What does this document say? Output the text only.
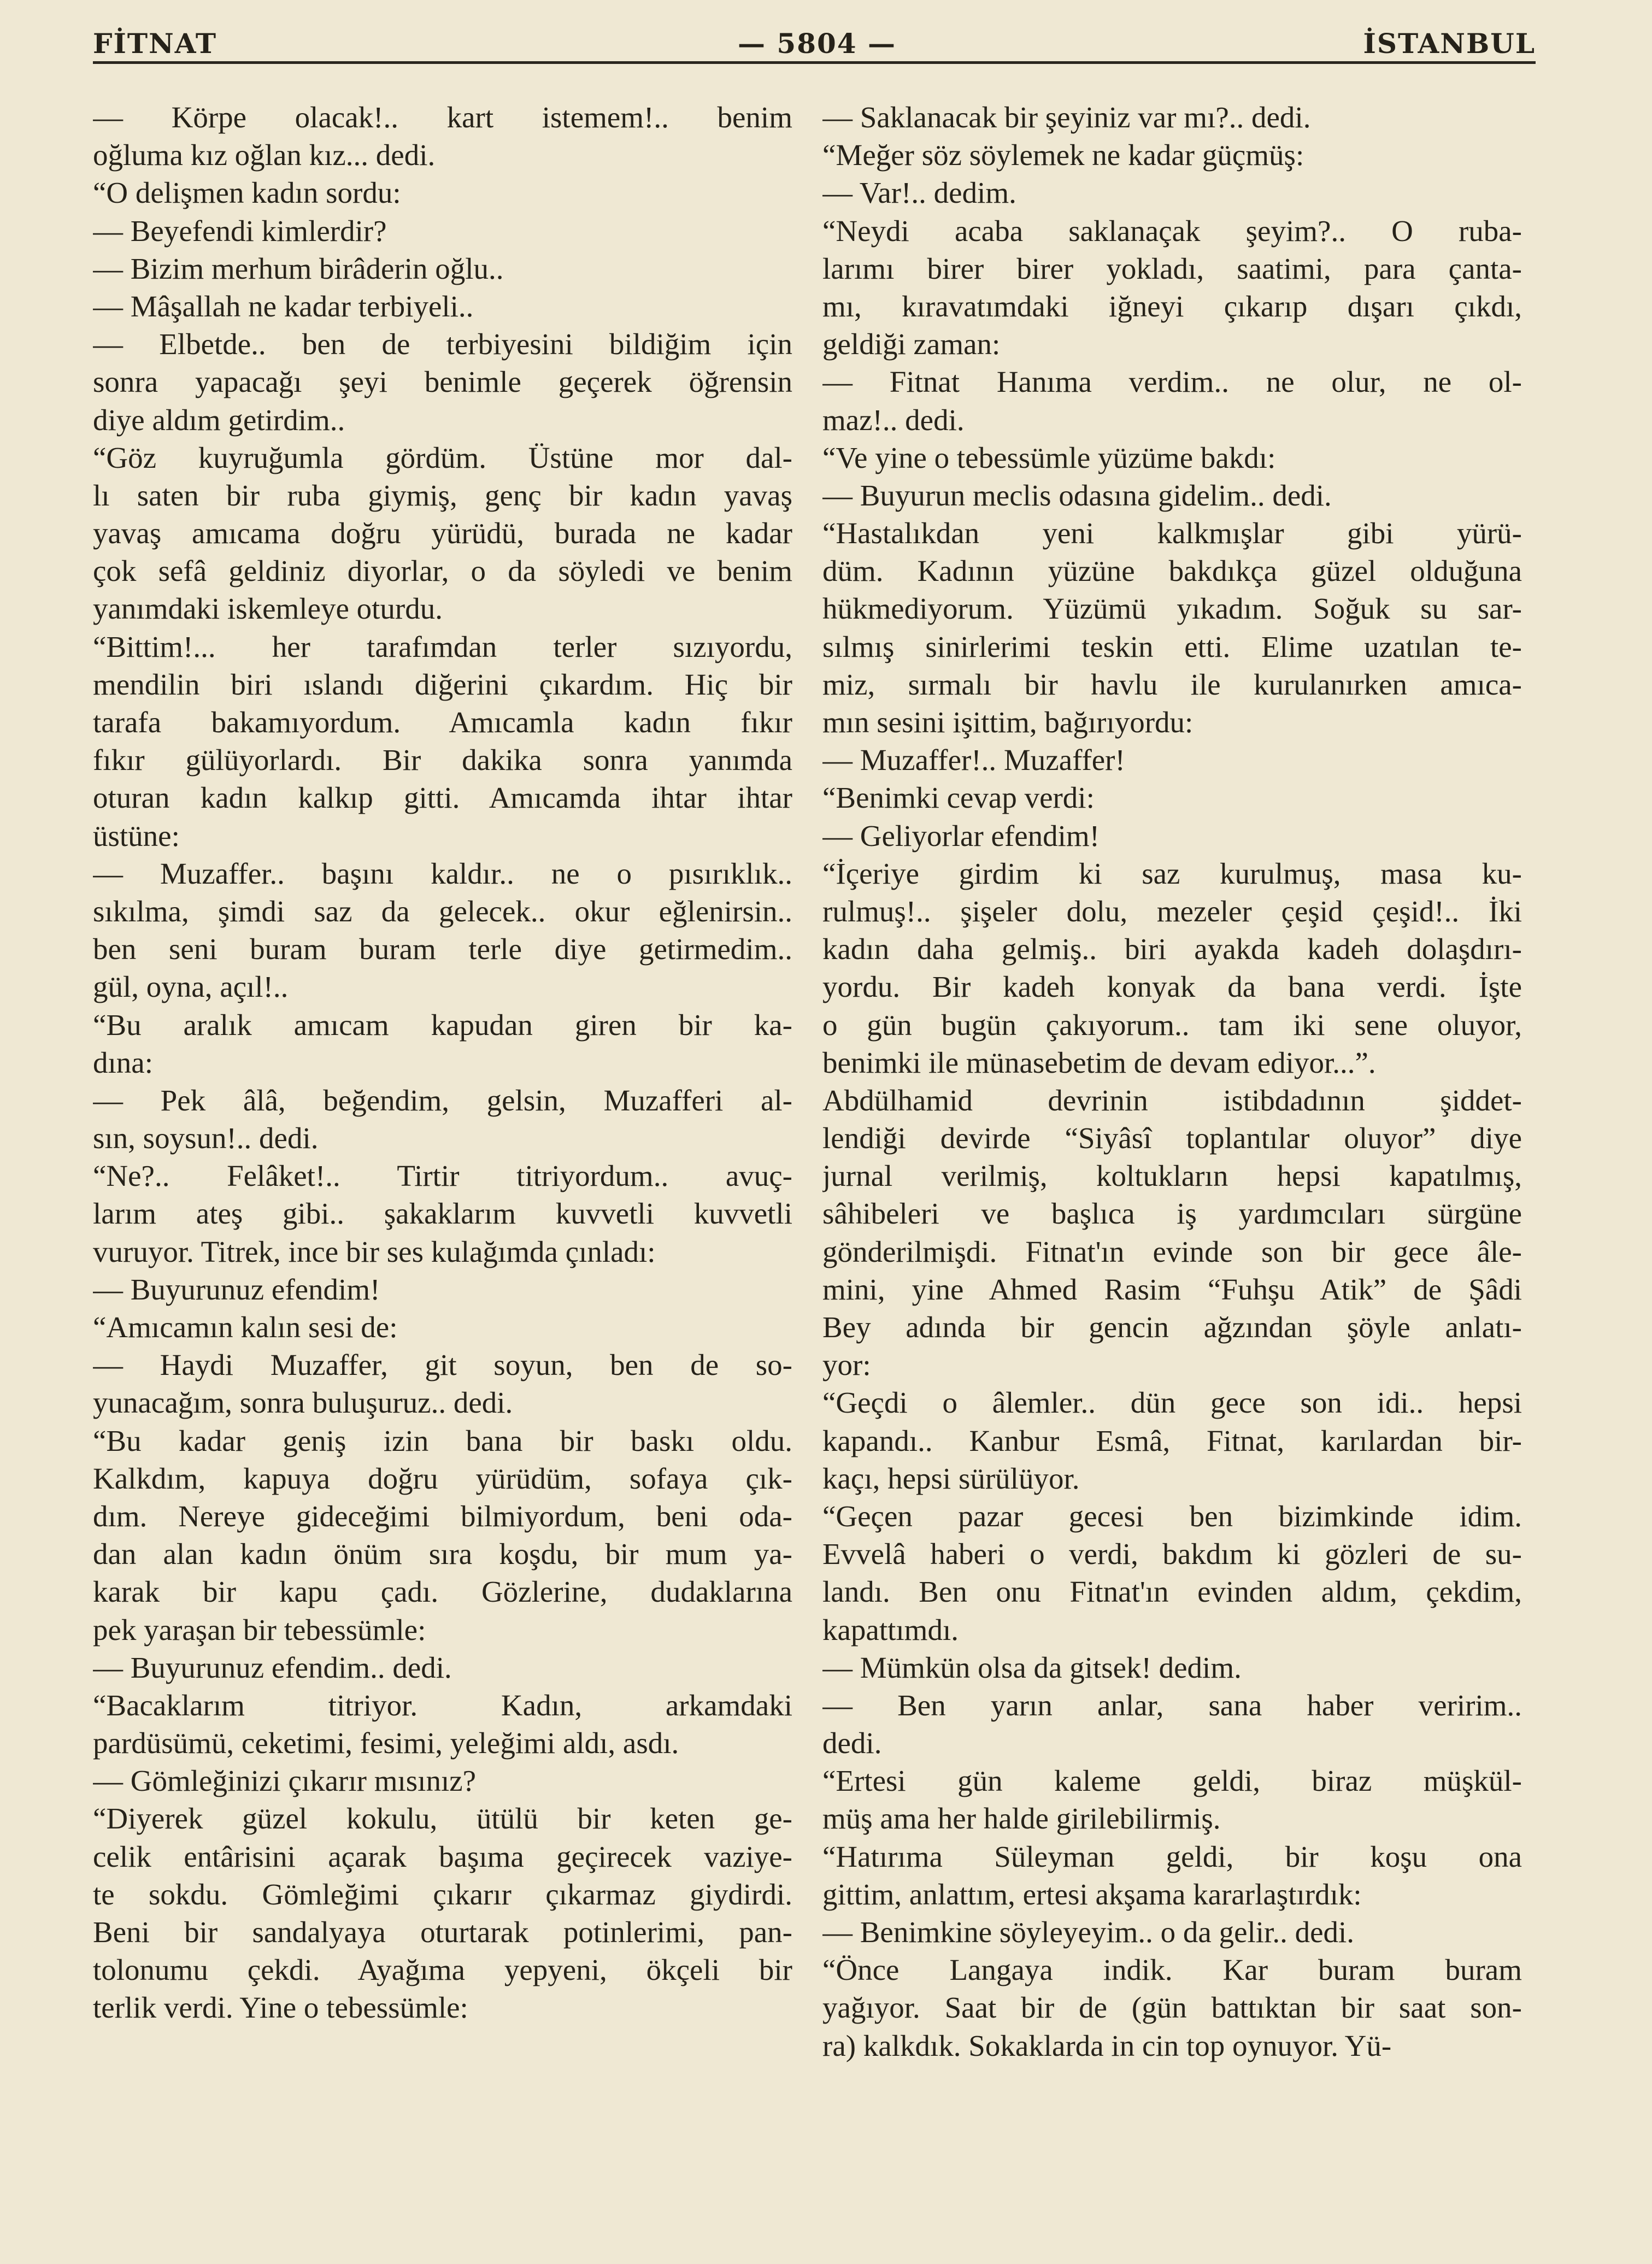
FİTNAT	— 5804 —	İSTANBUL
— Körpe olacak!.. kart istemem!.. benim
oğluma kız oğlan kız... dedi.
“O delişmen kadın sordu:
— Beyefendi kimlerdir?
— Bizim merhum birâderin oğlu..
— Mâşallah ne kadar terbiyeli..
— Elbetde.. ben de terbiyesini bildiğim için
sonra yapacağı şeyi benimle geçerek öğrensin
diye aldım getirdim..
“Göz kuyruğumla gördüm. Üstüne mor dal-
lı saten bir ruba giymiş, genç bir kadın yavaş
yavaş amıcama doğru yürüdü, burada ne kadar
çok sefâ geldiniz diyorlar, o da söyledi ve benim
yanımdaki iskemleye oturdu.
“Bittim!... her tarafımdan terler sızıyordu,
mendilin biri ıslandı diğerini çıkardım. Hiç bir
tarafa bakamıyordum. Amıcamla kadın fıkır
fıkır gülüyorlardı. Bir dakika sonra yanımda
oturan kadın kalkıp gitti. Amıcamda ihtar ihtar
üstüne:
— Muzaffer.. başını kaldır.. ne o pısırıklık..
sıkılma, şimdi saz da gelecek.. okur eğlenirsin..
ben seni buram buram terle diye getirmedim..
gül, oyna, açıl!..
“Bu aralık amıcam kapudan giren bir ka-
dına:
— Pek âlâ, beğendim, gelsin, Muzafferi al-
sın, soysun!.. dedi.
“Ne?.. Felâket!.. Tirtir titriyordum.. avuç-
larım ateş gibi.. şakaklarım kuvvetli kuvvetli
vuruyor. Titrek, ince bir ses kulağımda çınladı:
— Buyurunuz efendim!
“Amıcamın kalın sesi de:
— Haydi Muzaffer, git soyun, ben de so-
yunacağım, sonra buluşuruz.. dedi.
“Bu kadar geniş izin bana bir baskı oldu.
Kalkdım, kapuya doğru yürüdüm, sofaya çık-
dım. Nereye gideceğimi bilmiyordum, beni oda-
dan alan kadın önüm sıra koşdu, bir mum ya-
karak bir kapu çadı. Gözlerine, dudaklarına
pek yaraşan bir tebessümle:
— Buyurunuz efendim.. dedi.
“Bacaklarım titriyor. Kadın, arkamdaki
pardüsümü, ceketimi, fesimi, yeleğimi aldı, asdı.
— Gömleğinizi çıkarır mısınız?
“Diyerek güzel kokulu, ütülü bir keten ge-
celik entârisini açarak başıma geçirecek vaziye-
te sokdu. Gömleğimi çıkarır çıkarmaz giydirdi.
Beni bir sandalyaya oturtarak potinlerimi, pan-
tolonumu çekdi. Ayağıma yepyeni, ökçeli bir
terlik verdi. Yine o tebessümle:
— Saklanacak bir şeyiniz var mı?.. dedi.
“Meğer söz söylemek ne kadar güçmüş:
— Var!.. dedim.
“Neydi acaba saklanaçak şeyim?.. O ruba-
larımı birer birer yokladı, saatimi, para çanta-
mı, kıravatımdaki iğneyi çıkarıp dışarı çıkdı,
geldiği zaman:
— Fitnat Hanıma verdim.. ne olur, ne ol-
maz!.. dedi.
“Ve yine o tebessümle yüzüme bakdı:
— Buyurun meclis odasına gidelim.. dedi.
“Hastalıkdan yeni kalkmışlar gibi yürü-
düm. Kadının yüzüne bakdıkça güzel olduğuna
hükmediyorum. Yüzümü yıkadım. Soğuk su sar-
sılmış sinirlerimi teskin etti. Elime uzatılan te-
miz, sırmalı bir havlu ile kurulanırken amıca-
mın sesini işittim, bağırıyordu:
— Muzaffer!.. Muzaffer!
“Benimki cevap verdi:
— Geliyorlar efendim!
“İçeriye girdim ki saz kurulmuş, masa ku-
rulmuş!.. şişeler dolu, mezeler çeşid çeşid!.. İki
kadın daha gelmiş.. biri ayakda kadeh dolaşdırı-
yordu. Bir kadeh konyak da bana verdi. İşte
o gün bugün çakıyorum.. tam iki sene oluyor,
benimki ile münasebetim de devam ediyor...”.
Abdülhamid devrinin istibdadının şiddet-
lendiği devirde “Siyâsî toplantılar oluyor” diye
jurnal verilmiş, koltukların hepsi kapatılmış,
sâhibeleri ve başlıca iş yardımcıları sürgüne
gönderilmişdi. Fitnat'ın evinde son bir gece âle-
mini, yine Ahmed Rasim “Fuhşu Atik” de Şâdi
Bey adında bir gencin ağzından şöyle anlatı-
yor:
“Geçdi o âlemler.. dün gece son idi.. hepsi
kapandı.. Kanbur Esmâ, Fitnat, karılardan bir-
kaçı, hepsi sürülüyor.
“Geçen pazar gecesi ben bizimkinde idim.
Evvelâ haberi o verdi, bakdım ki gözleri de su-
landı. Ben onu Fitnat'ın evinden aldım, çekdim,
kapattımdı.
— Mümkün olsa da gitsek! dedim.
— Ben yarın anlar, sana haber veririm..
dedi.
“Ertesi gün kaleme geldi, biraz müşkül-
müş ama her halde girilebilirmiş.
“Hatırıma Süleyman geldi, bir koşu ona
gittim, anlattım, ertesi akşama kararlaştırdık:
— Benimkine söyleyeyim.. o da gelir.. dedi.
“Önce Langaya indik. Kar buram buram
yağıyor. Saat bir de (gün battıktan bir saat son-
ra) kalkdık. Sokaklarda in cin top oynuyor. Yü-
